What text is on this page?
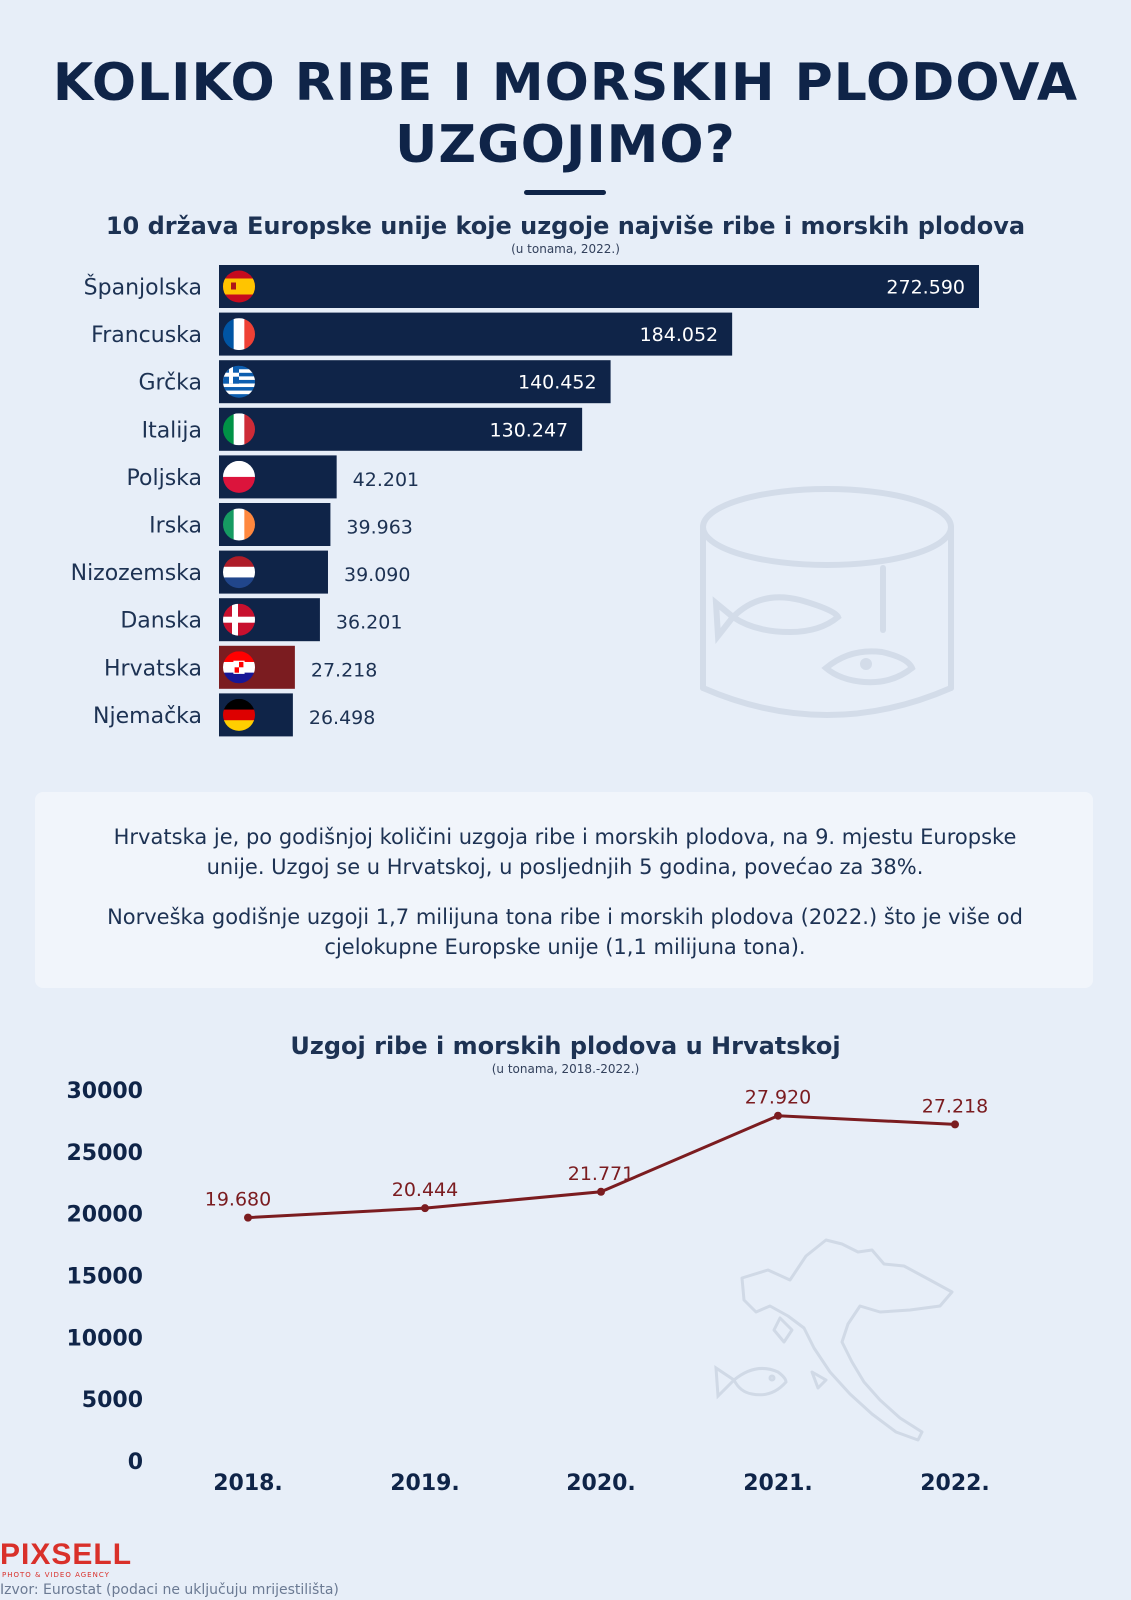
KOLIKO RIBE I MORSKIH PLODOVA
UZGOJIMO?
10 država Europske unije koje uzgoje najviše ribe i morskih plodova
(u tonama, 2022.)
Španjolska	272.590
Francuska	184.052
Grčka	140.452
Italija	130.247
Poljska	42.201
Irska	39.963
Nizozemska	39.090
Danska	36.201
Hrvatska	27.218
Njemačka	26.498
Hrvatska je, po godišnjoj količini uzgoja ribe i morskih plodova, na 9. mjestu Europske
unije. Uzgoj se u Hrvatskoj, u posljednjih 5 godina, povećao za 38%.
Norveška godišnje uzgoji 1,7 milijuna tona ribe i morskih plodova (2022.) što je više od
cjelokupne Europske unije (1,1 milijuna tona).
Uzgoj ribe i morskih plodova u Hrvatskoj
(u tonama, 2018.-2022.)
0
5000
10000
15000
20000
25000
30000
2018.	2019.	2020.	2021.	2022.
19.680	20.444
21.771
27.920	27.218
PIXSELL
PHOTO & VIDEO AGENCY
Izvor: Eurostat (podaci ne uključuju mrijestilišta)
